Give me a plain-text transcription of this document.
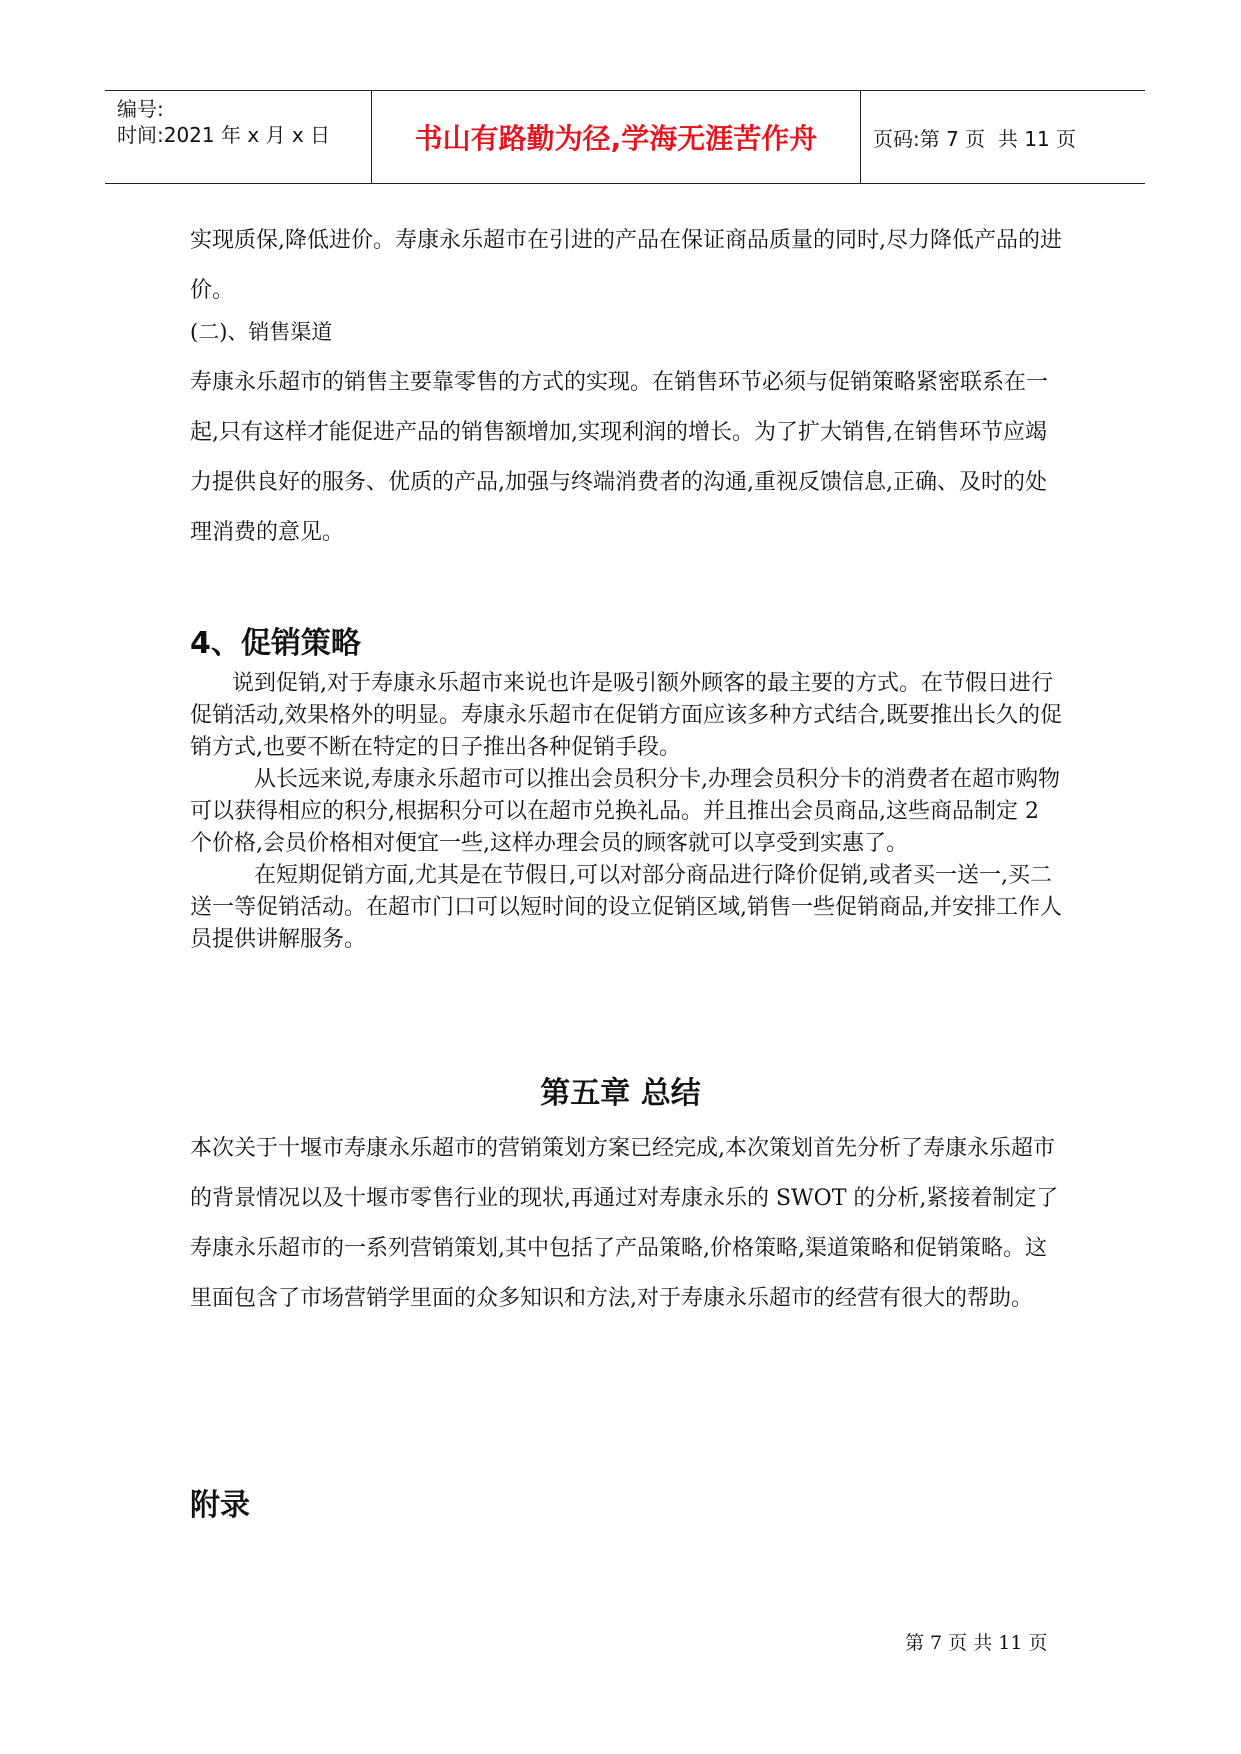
编号:
时间:2021 年 x 月 x 日	书山有路勤为径,学海无涯苦作舟	页码:第 7 页  共 11 页

实现质保,降低进价。寿康永乐超市在引进的产品在保证商品质量的同时,尽力降低产品的进价。

(二)、销售渠道

寿康永乐超市的销售主要靠零售的方式的实现。在销售环节必须与促销策略紧密联系在一起,只有这样才能促进产品的销售额增加,实现利润的增长。为了扩大销售,在销售环节应竭力提供良好的服务、优质的产品,加强与终端消费者的沟通,重视反馈信息,正确、及时的处理消费的意见。

4、促销策略
说到促销,对于寿康永乐超市来说也许是吸引额外顾客的最主要的方式。在节假日进行促销活动,效果格外的明显。寿康永乐超市在促销方面应该多种方式结合,既要推出长久的促销方式,也要不断在特定的日子推出各种促销手段。
从长远来说,寿康永乐超市可以推出会员积分卡,办理会员积分卡的消费者在超市购物可以获得相应的积分,根据积分可以在超市兑换礼品。并且推出会员商品,这些商品制定 2 个价格,会员价格相对便宜一些,这样办理会员的顾客就可以享受到实惠了。
在短期促销方面,尤其是在节假日,可以对部分商品进行降价促销,或者买一送一,买二送一等促销活动。在超市门口可以短时间的设立促销区域,销售一些促销商品,并安排工作人员提供讲解服务。
第五章 总结

本次关于十堰市寿康永乐超市的营销策划方案已经完成,本次策划首先分析了寿康永乐超市的背景情况以及十堰市零售行业的现状,再通过对寿康永乐的 SWOT 的分析,紧接着制定了寿康永乐超市的一系列营销策划,其中包括了产品策略,价格策略,渠道策略和促销策略。这里面包含了市场营销学里面的众多知识和方法,对于寿康永乐超市的经营有很大的帮助。

附录
第 7 页 共 11 页
